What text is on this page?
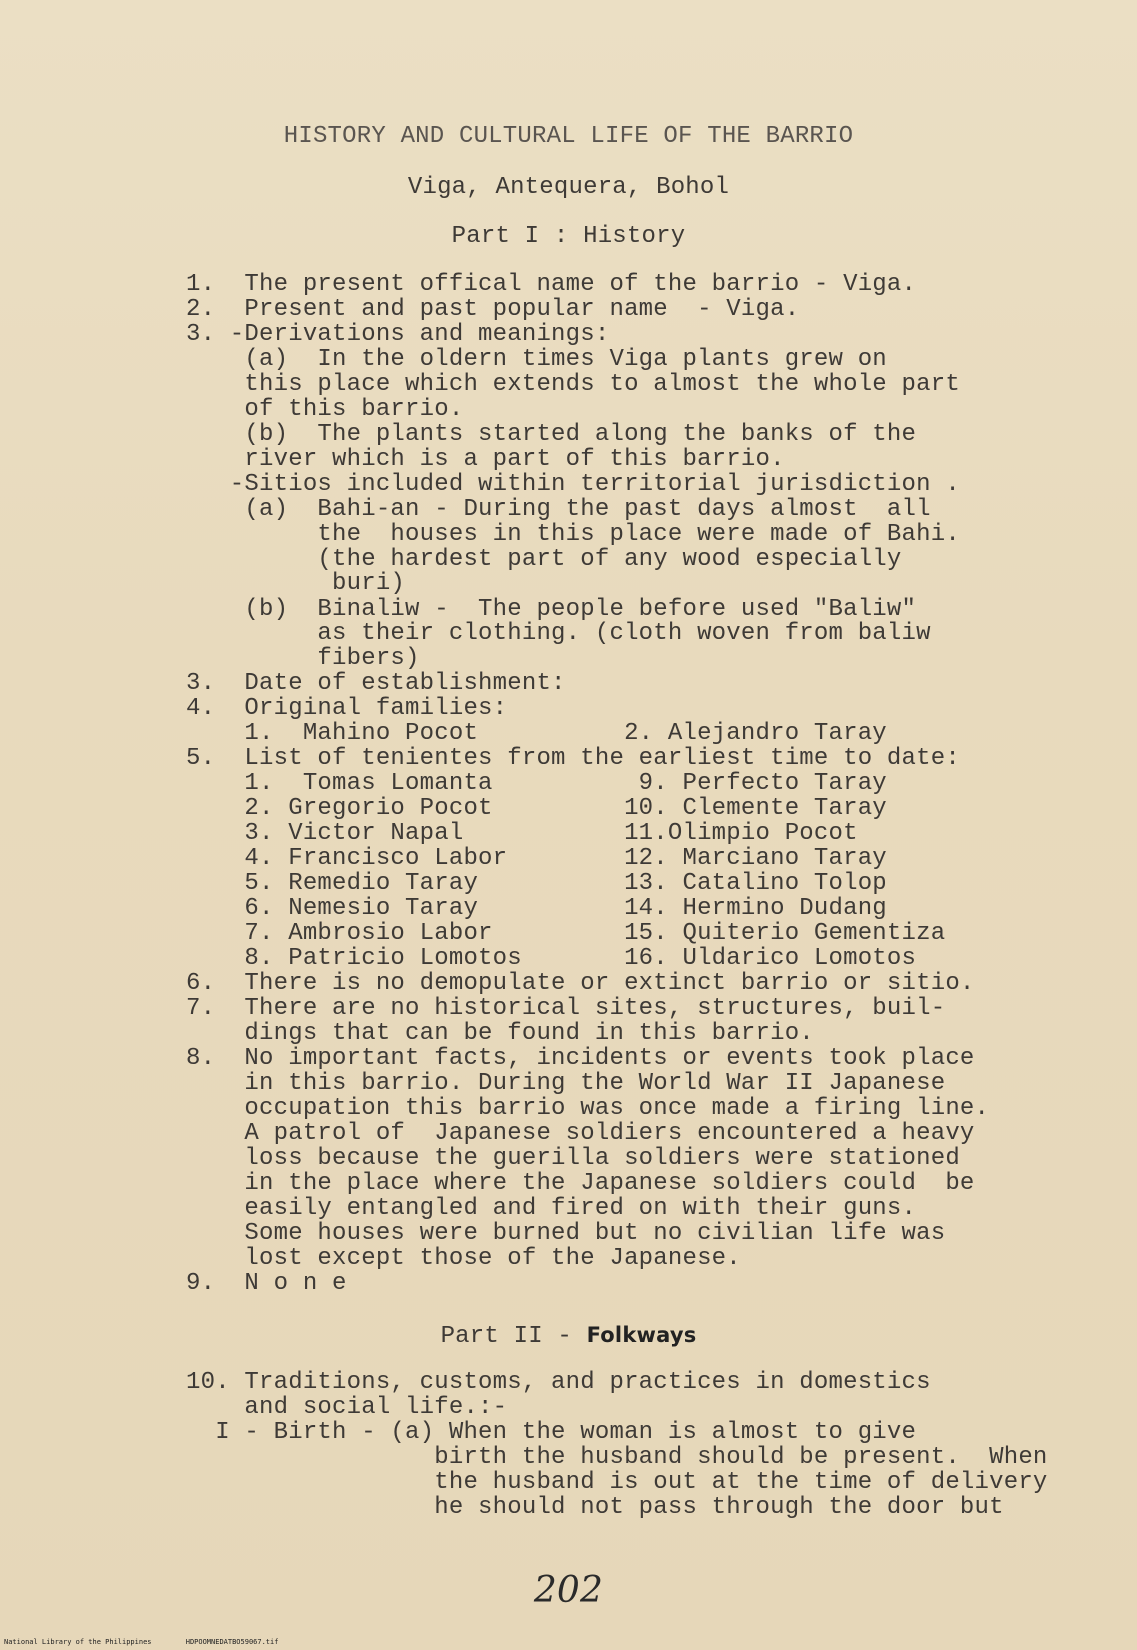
HISTORY AND CULTURAL LIFE OF THE BARRIO
Viga, Antequera, Bohol
Part I : History
1.  The present offical name of the barrio - Viga.
2.  Present and past popular name  - Viga.
3. -Derivations and meanings:
(a)  In the oldern times Viga plants grew on
this place which extends to almost the whole part
of this barrio.
(b)  The plants started along the banks of the
river which is a part of this barrio.
-Sitios included within territorial jurisdiction .
(a)  Bahi-an - During the past days almost  all
the  houses in this place were made of Bahi.
(the hardest part of any wood especially
buri)
(b)  Binaliw -  The people before used "Baliw"
as their clothing. (cloth woven from baliw
fibers)
3.  Date of establishment:
4.  Original families:
1.  Mahino Pocot          2. Alejandro Taray
5.  List of tenientes from the earliest time to date:
1.  Tomas Lomanta          9. Perfecto Taray
2. Gregorio Pocot         10. Clemente Taray
3. Victor Napal           11.Olimpio Pocot
4. Francisco Labor        12. Marciano Taray
5. Remedio Taray          13. Catalino Tolop
6. Nemesio Taray          14. Hermino Dudang
7. Ambrosio Labor         15. Quiterio Gementiza
8. Patricio Lomotos       16. Uldarico Lomotos
6.  There is no demopulate or extinct barrio or sitio.
7.  There are no historical sites, structures, buil-
dings that can be found in this barrio.
8.  No important facts, incidents or events took place
in this barrio. During the World War II Japanese
occupation this barrio was once made a firing line.
A patrol of  Japanese soldiers encountered a heavy
loss because the guerilla soldiers were stationed
in the place where the Japanese soldiers could  be
easily entangled and fired on with their guns.
Some houses were burned but no civilian life was
lost except those of the Japanese.
9.  N o n e
Part II - Folkways
10. Traditions, customs, and practices in domestics
and social life.:-
I - Birth - (a) When the woman is almost to give
birth the husband should be present.  When
the husband is out at the time of delivery
he should not pass through the door but
202
National Library of the Philippines	HDPOOMNEDATBO59067.tif
